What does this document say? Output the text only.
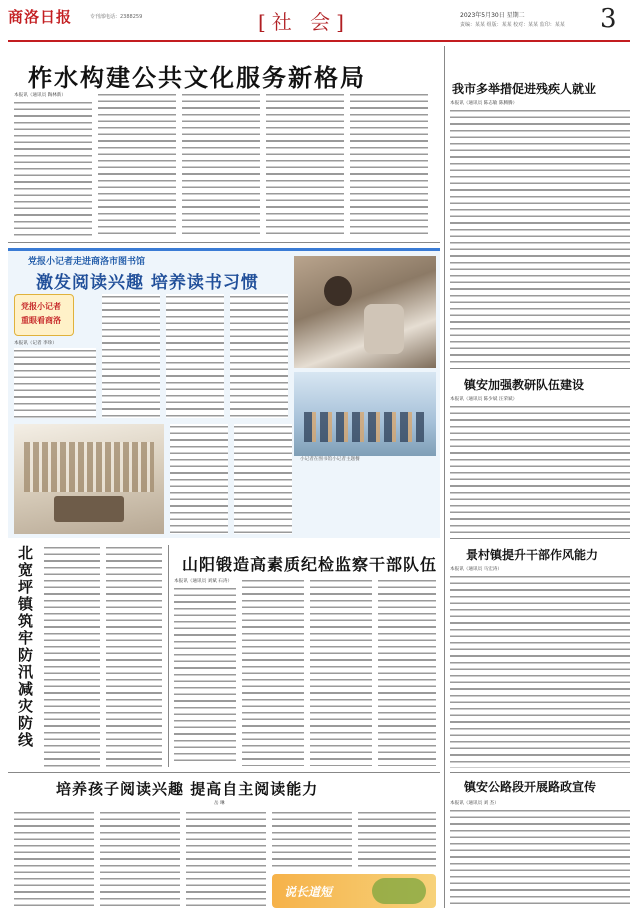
商洛日报	专刊部电话：2388259	[社 会]	2023年5月30日 星期二
责编：某某 组版：某某 校对：某某 监印：某某 3
柞水构建公共文化服务新格局
本报讯（通讯员 陶林新）
党报小记者走进商洛市图书馆
激发阅读兴趣 培养读书习惯
党报小记者
重眼看商洛
本报讯（记者 李珍）
小记者在图书馆小记者主题餐
北宽坪镇筑牢防汛减灾防线	山阳锻造高素质纪检监察干部队伍
本报讯（通讯员 刘斌 石涛）
培养孩子阅读兴趣 提高自主阅读能力
岳 琳
说长道短
我市多举措促进残疾人就业
本报讯（通讯员 陈志敏 陈腾腾）
镇安加强教研队伍建设
本报讯（通讯员 陈少斌 汪荣斌）
景村镇提升干部作风能力
本报讯（通讯员 马宏涛）
镇安公路段开展路政宣传
本报讯（通讯员 刘 杰）
